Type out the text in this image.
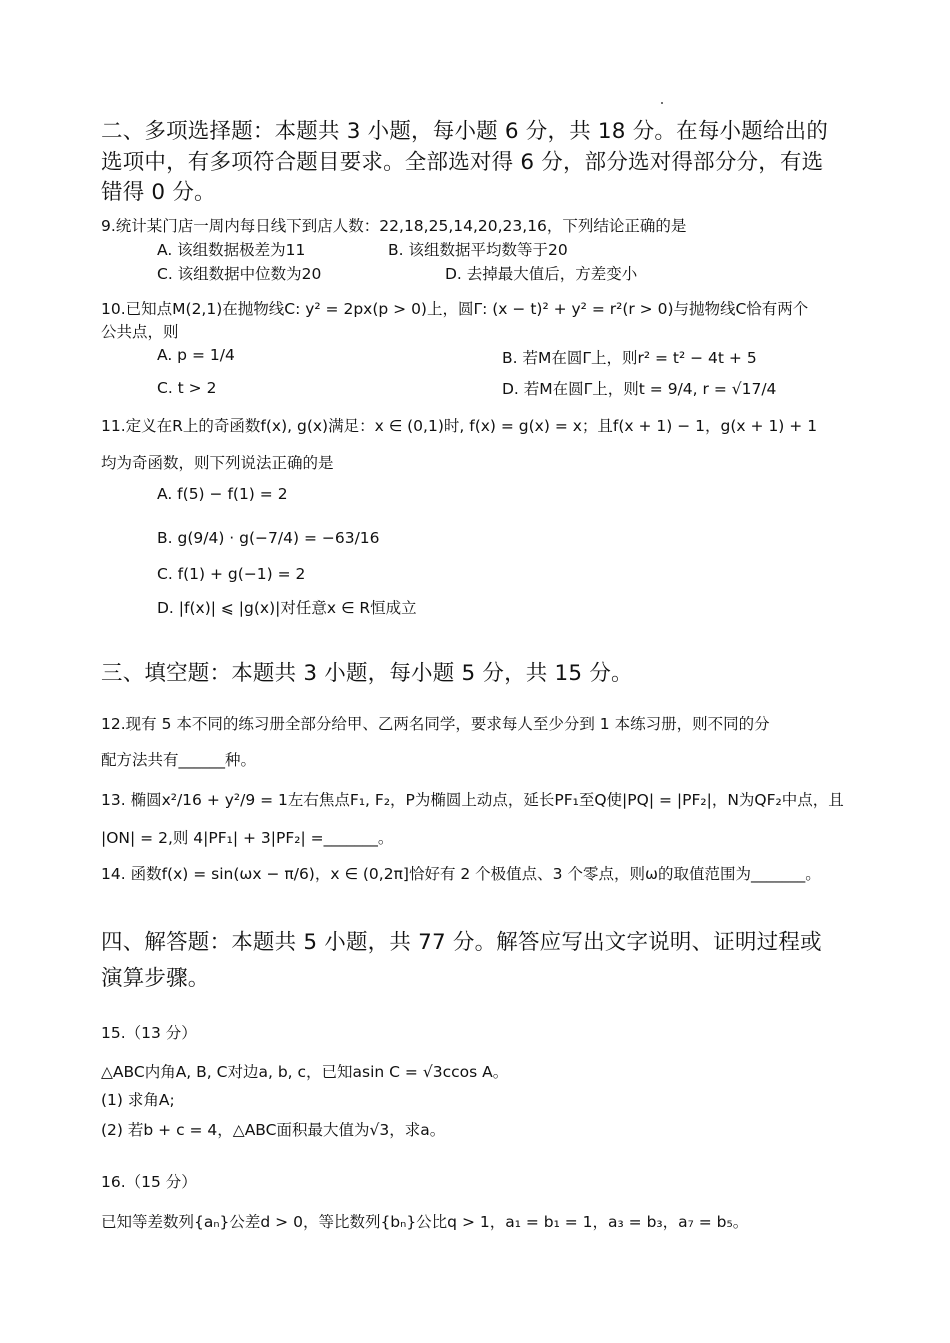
二、多项选择题：本题共 3 小题，每小题 6 分，共 18 分。在每小题给出的
选项中，有多项符合题目要求。全部选对得 6 分，部分选对得部分分，有选
错得 0 分。
9.统计某门店一周内每日线下到店人数：22,18,25,14,20,23,16，下列结论正确的是
A. 该组数据极差为11	B. 该组数据平均数等于20
C. 该组数据中位数为20	D. 去掉最大值后，方差变小
10.已知点M(2,1)在抛物线C: y² = 2px(p > 0)上，圆Γ: (x − t)² + y² = r²(r > 0)与抛物线C恰有两个
公共点，则
A. p = 1/4	B. 若M在圆Γ上，则r² = t² − 4t + 5
C. t > 2	D. 若M在圆Γ上，则t = 9/4, r = √17/4
11.定义在R上的奇函数f(x), g(x)满足：x ∈ (0,1)时, f(x) = g(x) = x；且f(x + 1) − 1，g(x + 1) + 1
均为奇函数，则下列说法正确的是
A. f(5) − f(1) = 2
B. g(9/4) · g(−7/4) = −63/16
C. f(1) + g(−1) = 2
D. |f(x)| ⩽ |g(x)|对任意x ∈ R恒成立
三、填空题：本题共 3 小题，每小题 5 分，共 15 分。
12.现有 5 本不同的练习册全部分给甲、乙两名同学，要求每人至少分到 1 本练习册，则不同的分
配方法共有______种。
13. 椭圆x²/16 + y²/9 = 1左右焦点F₁, F₂，P为椭圆上动点，延长PF₁至Q使|PQ| = |PF₂|，N为QF₂中点，且
|ON| = 2,则 4|PF₁| + 3|PF₂| =_______。
14. 函数f(x) = sin(ωx − π/6)，x ∈ (0,2π]恰好有 2 个极值点、3 个零点，则ω的取值范围为_______。
四、解答题：本题共 5 小题，共 77 分。解答应写出文字说明、证明过程或
演算步骤。
15.（13 分）
△ABC内角A, B, C对边a, b, c，已知asin C = √3ccos A。
(1) 求角A;
(2) 若b + c = 4，△ABC面积最大值为√3，求a。
16.（15 分）
已知等差数列{aₙ}公差d > 0，等比数列{bₙ}公比q > 1，a₁ = b₁ = 1，a₃ = b₃，a₇ = b₅。
